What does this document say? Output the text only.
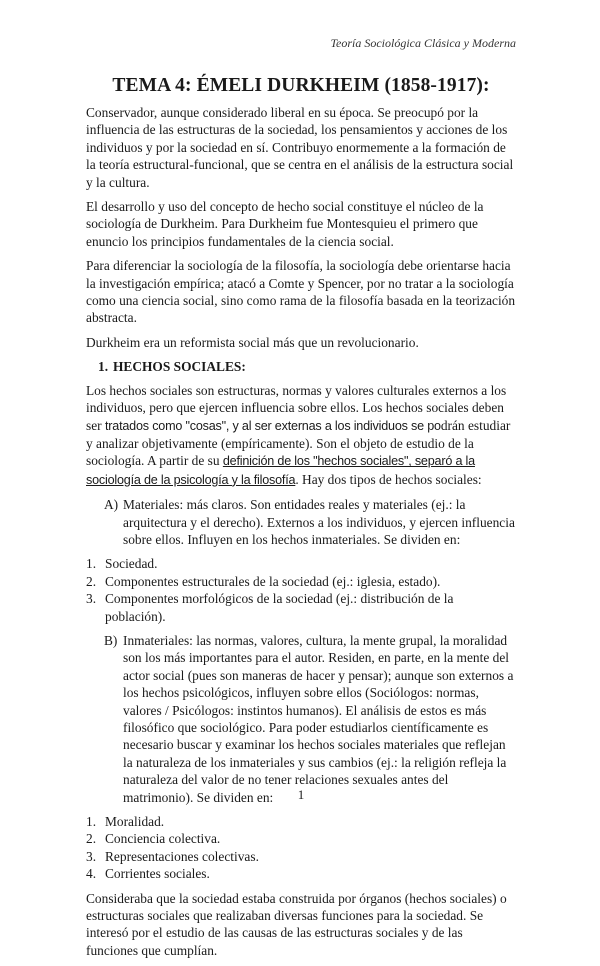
Teoría Sociológica Clásica y Moderna
TEMA 4: ÉMELI DURKHEIM (1858-1917):

Conservador, aunque considerado liberal en su época. Se preocupó por la influencia de las estructuras de la sociedad, los pensamientos y acciones de los individuos y por la sociedad en sí. Contribuyo enormemente a la formación de la teoría estructural-funcional, que se centra en el análisis de la estructura social y la cultura.

El desarrollo y uso del concepto de hecho social constituye el núcleo de la sociología de Durkheim. Para Durkheim fue Montesquieu el primero que enuncio los principios fundamentales de la ciencia social.

Para diferenciar la sociología de la filosofía, la sociología debe orientarse hacia la investigación empírica; atacó a Comte y Spencer, por no tratar a la sociología como una ciencia social, sino como rama de la filosofía basada en la teorización abstracta.

Durkheim era un reformista social más que un revolucionario.

1. HECHOS SOCIALES:

Los hechos sociales son estructuras, normas y valores culturales externos a los individuos, pero que ejercen influencia sobre ellos. Los hechos sociales deben ser tratados como "cosas", y al ser externas a los individuos se podrán estudiar y analizar objetivamente (empíricamente). Son el objeto de estudio de la sociología. A partir de su definición de los "hechos sociales", separó a la sociología de la psicología y la filosofía. Hay dos tipos de hechos sociales:

A) Materiales: más claros. Son entidades reales y materiales (ej.: la arquitectura y el derecho). Externos a los individuos, y ejercen influencia sobre ellos. Influyen en los hechos inmateriales. Se dividen en:
1. Sociedad.
2. Componentes estructurales de la sociedad (ej.: iglesia, estado).
3. Componentes morfológicos de la sociedad (ej.: distribución de la población).
B) Inmateriales: las normas, valores, cultura, la mente grupal, la moralidad son los más importantes para el autor. Residen, en parte, en la mente del actor social (pues son maneras de hacer y pensar); aunque son externos a los hechos psicológicos, influyen sobre ellos (Sociólogos: normas, valores / Psicólogos: instintos humanos). El análisis de estos es más filosófico que sociológico. Para poder estudiarlos científicamente es necesario buscar y examinar los hechos sociales materiales que reflejan la naturaleza de los inmateriales y sus cambios (ej.: la religión refleja la naturaleza del valor de no tener relaciones sexuales antes del matrimonio). Se dividen en:
1. Moralidad.
2. Conciencia colectiva.
3. Representaciones colectivas.
4. Corrientes sociales.

Consideraba que la sociedad estaba construida por órganos (hechos sociales) o estructuras sociales que realizaban diversas funciones para la sociedad. Se interesó por el estudio de las causas de las estructuras sociales y de las funciones que cumplían.

1
